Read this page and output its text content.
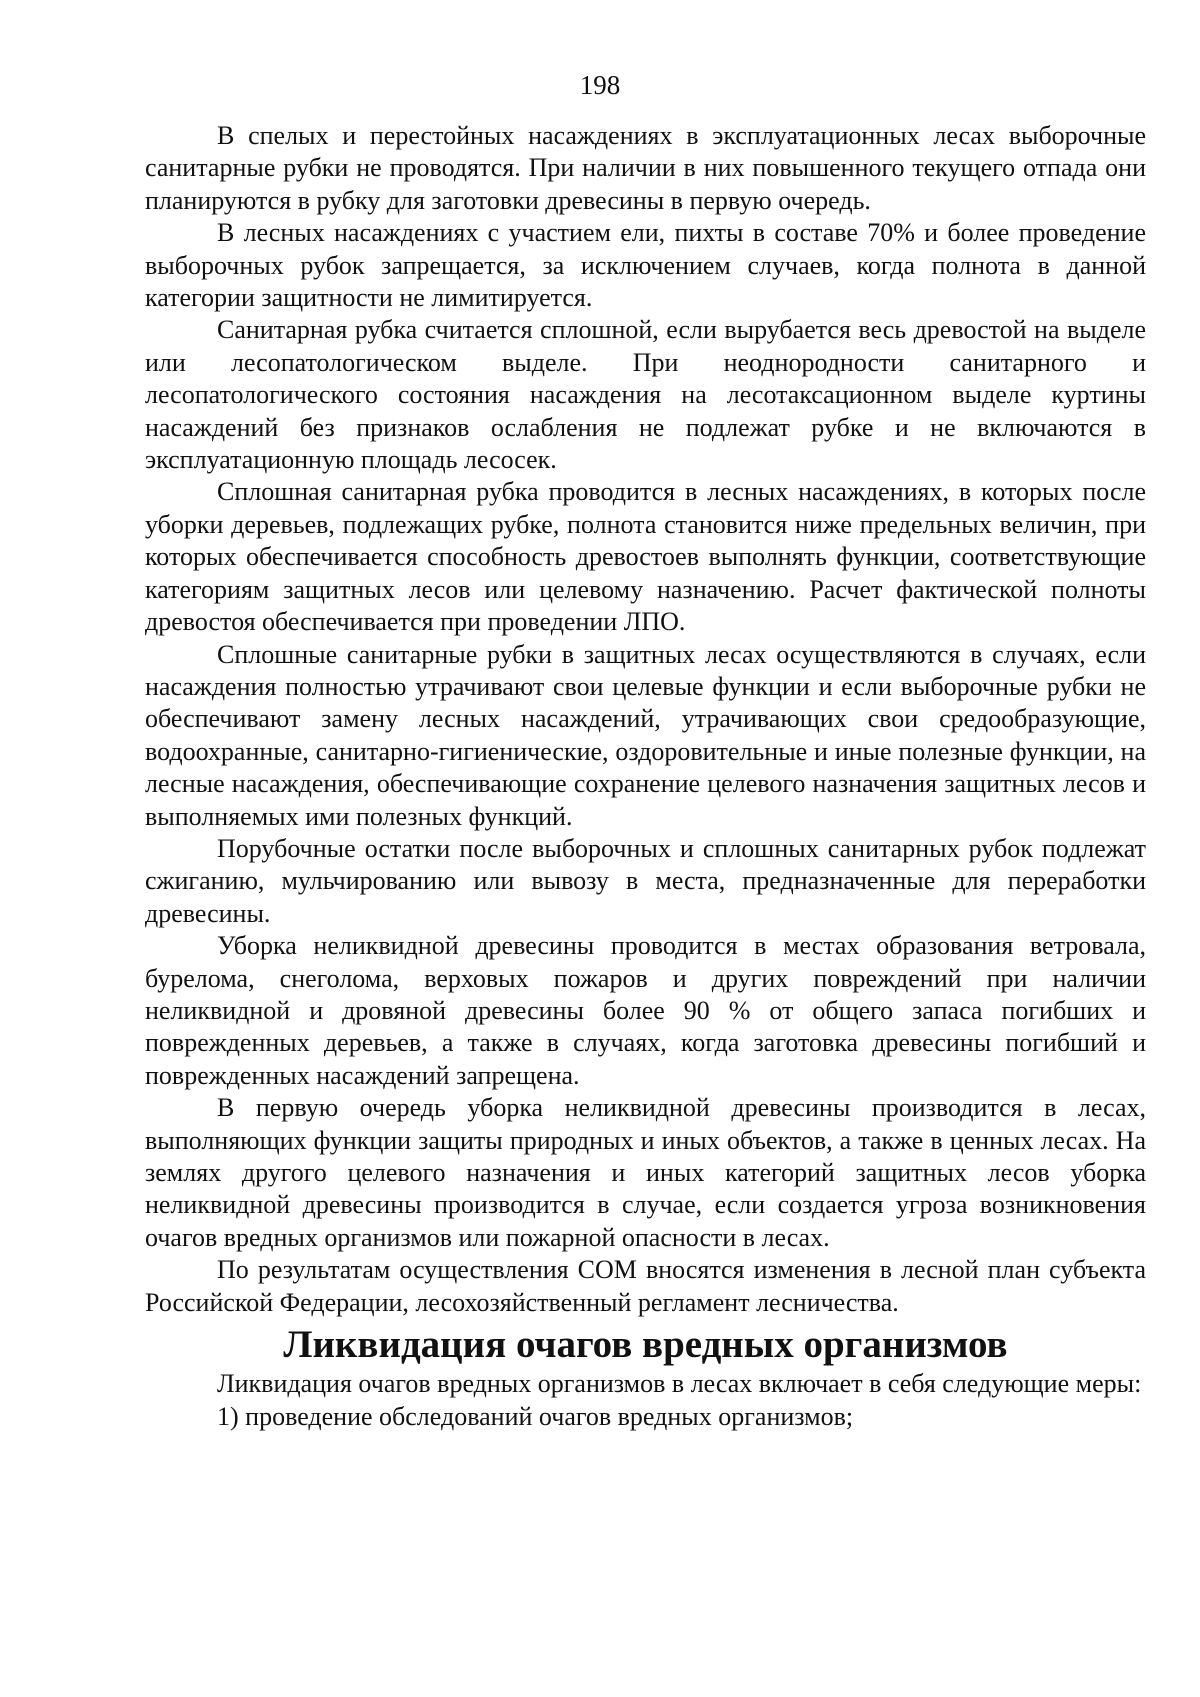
198

В спелых и перестойных насаждениях в эксплуатационных лесах выборочные санитарные рубки не проводятся. При наличии в них повышенного текущего отпада они планируются в рубку для заготовки древесины в первую очередь.

В лесных насаждениях с участием ели, пихты в составе 70% и более проведение выборочных рубок запрещается, за исключением случаев, когда полнота в данной категории защитности не лимитируется.

Санитарная рубка считается сплошной, если вырубается весь древостой на выделе или лесопатологическом выделе. При неоднородности санитарного и лесопатологического состояния насаждения на лесотаксационном выделе куртины насаждений без признаков ослабления не подлежат рубке и не включаются в эксплуатационную площадь лесосек.

Сплошная санитарная рубка проводится в лесных насаждениях, в которых после уборки деревьев, подлежащих рубке, полнота становится ниже предельных величин, при которых обеспечивается способность древостоев выполнять функции, соответствующие категориям защитных лесов или целевому назначению. Расчет фактической полноты древостоя обеспечивается при проведении ЛПО.

Сплошные санитарные рубки в защитных лесах осуществляются в случаях, если насаждения полностью утрачивают свои целевые функции и если выборочные рубки не обеспечивают замену лесных насаждений, утрачивающих свои средообразующие, водоохранные, санитарно-гигиенические, оздоровительные и иные полезные функции, на лесные насаждения, обеспечивающие сохранение целевого назначения защитных лесов и выполняемых ими полезных функций.

Порубочные остатки после выборочных и сплошных санитарных рубок подлежат сжиганию, мульчированию или вывозу в места, предназначенные для переработки древесины.

Уборка неликвидной древесины проводится в местах образования ветровала, бурелома, снеголома, верховых пожаров и других повреждений при наличии неликвидной и дровяной древесины более 90 % от общего запаса погибших и поврежденных деревьев, а также в случаях, когда заготовка древесины погибший и поврежденных насаждений запрещена.

В первую очередь уборка неликвидной древесины производится в лесах, выполняющих функции защиты природных и иных объектов, а также в ценных лесах. На землях другого целевого назначения и иных категорий защитных лесов уборка неликвидной древесины производится в случае, если создается угроза возникновения очагов вредных организмов или пожарной опасности в лесах.

По результатам осуществления СОМ вносятся изменения в лесной план субъекта Российской Федерации, лесохозяйственный регламент лесничества.

Ликвидация очагов вредных организмов

Ликвидация очагов вредных организмов в лесах включает в себя следующие меры:

1) проведение обследований очагов вредных организмов;
